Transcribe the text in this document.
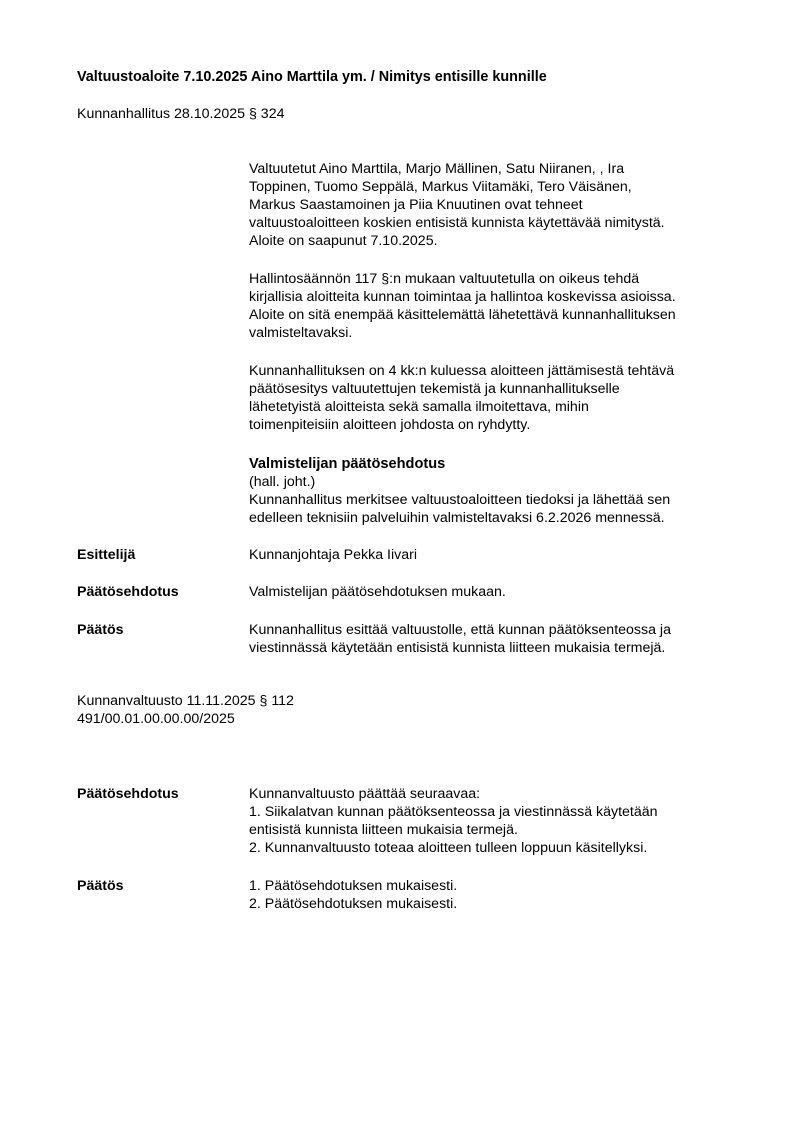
Valtuustoaloite 7.10.2025 Aino Marttila ym. / Nimitys entisille kunnille
Kunnanhallitus 28.10.2025 § 324
Valtuutetut Aino Marttila, Marjo Mällinen, Satu Niiranen, , Ira
Toppinen, Tuomo Seppälä, Markus Viitamäki, Tero Väisänen,
Markus Saastamoinen ja Piia Knuutinen ovat tehneet
valtuustoaloitteen koskien entisistä kunnista käytettävää nimitystä.
Aloite on saapunut 7.10.2025.
Hallintosäännön 117 §:n mukaan valtuutetulla on oikeus tehdä
kirjallisia aloitteita kunnan toimintaa ja hallintoa koskevissa asioissa.
Aloite on sitä enempää käsittelemättä lähetettävä kunnanhallituksen
valmisteltavaksi.
Kunnanhallituksen on 4 kk:n kuluessa aloitteen jättämisestä tehtävä
päätösesitys valtuutettujen tekemistä ja kunnanhallitukselle
lähetetyistä aloitteista sekä samalla ilmoitettava, mihin
toimenpiteisiin aloitteen johdosta on ryhdytty.
Valmistelijan päätösehdotus
(hall. joht.)
Kunnanhallitus merkitsee valtuustoaloitteen tiedoksi ja lähettää sen
edelleen teknisiin palveluihin valmisteltavaksi 6.2.2026 mennessä.
Esittelijä	Kunnanjohtaja Pekka Iivari
Päätösehdotus	Valmistelijan päätösehdotuksen mukaan.
Päätös	Kunnanhallitus esittää valtuustolle, että kunnan päätöksenteossa ja
viestinnässä käytetään entisistä kunnista liitteen mukaisia termejä.
Kunnanvaltuusto 11.11.2025 § 112
491/00.01.00.00.00/2025
Päätösehdotus	Kunnanvaltuusto päättää seuraavaa:
1. Siikalatvan kunnan päätöksenteossa ja viestinnässä käytetään
entisistä kunnista liitteen mukaisia termejä.
2. Kunnanvaltuusto toteaa aloitteen tulleen loppuun käsitellyksi.
Päätös	1. Päätösehdotuksen mukaisesti.
2. Päätösehdotuksen mukaisesti.
